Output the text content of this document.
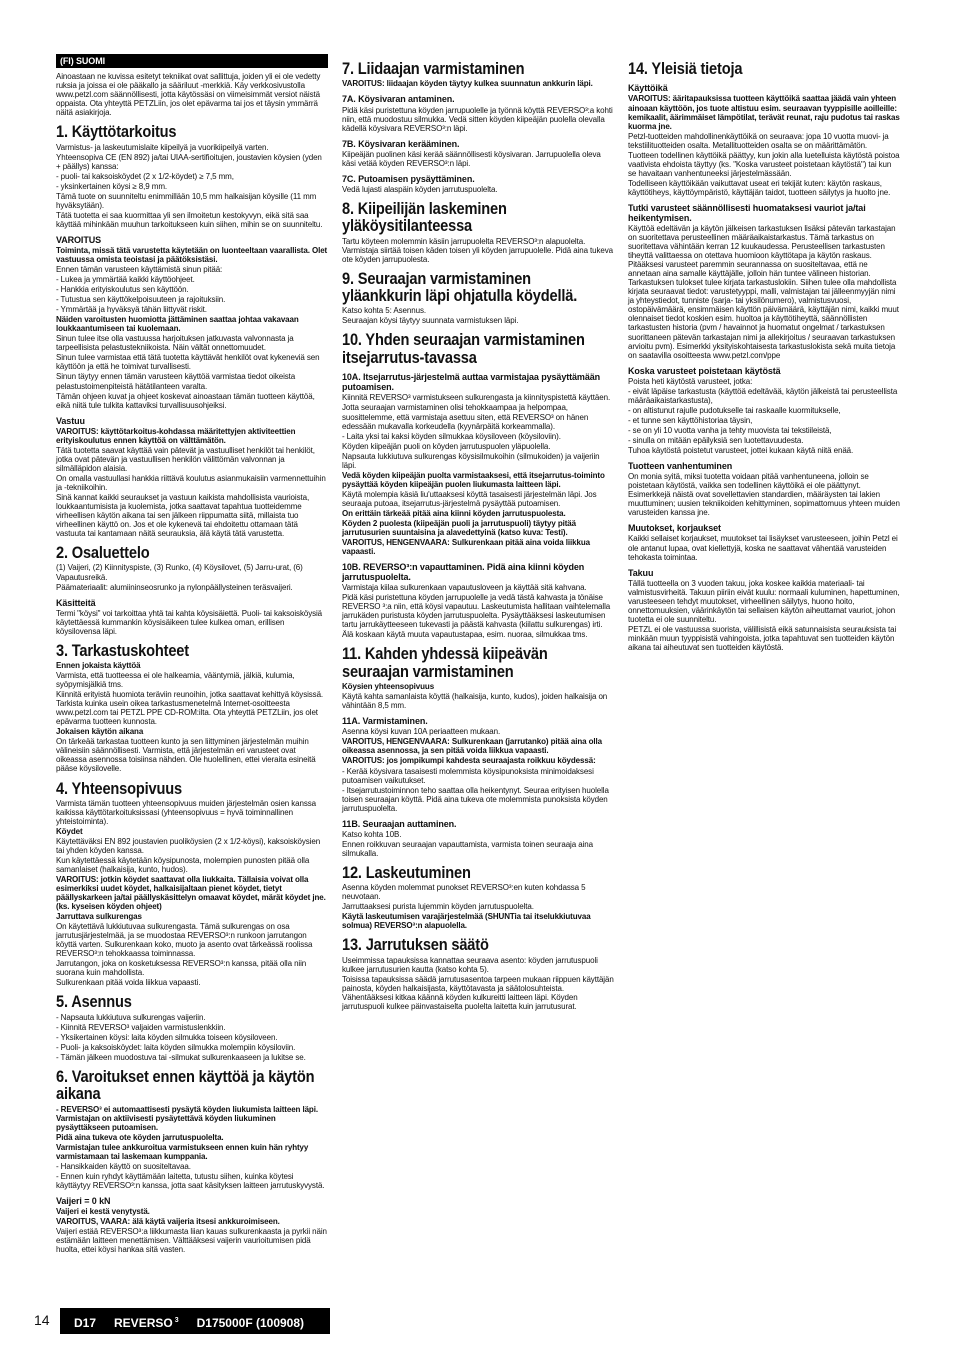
(FI) SUOMI

Ainoastaan ne kuvissa esitetyt tekniikat ovat sallittuja, joiden yli ei ole vedetty ruksia ja joissa ei ole pääkallo ja sääriluut -merkkiä. Käy verkkosivustolla www.petzl.com säännöllisesti, jotta käytössäsi on viimeisimmät versiot näistä oppaista. Ota yhteyttä PETZLiin, jos olet epävarma tai jos et täysin ymmärrä näitä asiakirjoja.

1. Käyttötarkoitus

Varmistus- ja laskeutumislaite kiipeilyä ja vuorikiipeilyä varten.

Yhteensopiva CE (EN 892) ja/tai UIAA-sertifioitujen, joustavien köysien (yden + päällys) kanssa:

- puoli- tai kaksoisköydet (2 x 1/2-köydet) ≥ 7,5 mm,

- yksinkertainen köysi ≥ 8,9 mm.

Tämä tuote on suunniteltu enimmillään 10,5 mm halkaisijan köysille (11 mm hyväksytään).

Tätä tuotetta ei saa kuormittaa yli sen ilmoitetun kestokyvyn, eikä sitä saa käyttää mihinkään muuhun tarkoitukseen kuin siihen, mihin se on suunniteltu.

VAROITUS

Toiminta, missä tätä varustetta käytetään on luonteeltaan vaarallista. Olet vastuussa omista teoistasi ja päätöksistäsi.

Ennen tämän varusteen käyttämistä sinun pitää:

- Lukea ja ymmärtää kaikki käyttöohjeet.

- Hankkia erityiskoulutus sen käyttöön.

- Tutustua sen käyttökelpoisuuteen ja rajoituksiin.

- Ymmärtää ja hyväksyä tähän liittyvät riskit.

Näiden varoitusten huomiotta jättäminen saattaa johtaa vakavaan loukkaantumiseen tai kuolemaan.

Sinun tulee itse olla vastuussa harjoituksen jatkuvasta valvonnasta ja tarpeellisista pelastustekniikoista. Näin vältät onnettomuudet.

Sinun tulee varmistaa että tätä tuotetta käyttävät henkilöt ovat kykeneviä sen käyttöön ja että he toimivat turvallisesti.

Sinun täytyy ennen tämän varusteen käyttöä varmistaa tiedot oikeista pelastustoimenpiteistä hätätilanteen varalta.

Tämän ohjeen kuvat ja ohjeet koskevat ainoastaan tämän tuotteen käyttöä, eikä niitä tule tulkita kattaviksi turvallisuusohjeiksi.

Vastuu

VAROITUS: käyttötarkoitus-kohdassa määritettyjen aktiviteettien erityiskoulutus ennen käyttöä on välttämätön.

Tätä tuotetta saavat käyttää vain pätevät ja vastuulliset henkilöt tai henkilöt, jotka ovat pätevän ja vastuullisen henkilön välittömän valvonnan ja silmälläpidon alaisia.

On omalla vastuullasi hankkia riittävä koulutus asianmukaisiin varmennettuihin ja -tekniikoihin.

Sinä kannat kaikki seuraukset ja vastuun kaikista mahdollisista vaurioista, loukkaantumisista ja kuolemista, jotka saattavat tapahtua tuotteidemme virheellisen käytön aikana tai sen jälkeen riippumatta siitä, millaista tuo virheellinen käyttö on. Jos et ole kykenevä tai ehdoitettu ottamaan tätä vastuuta tai kantamaan näitä seurauksia, älä käytä tätä varustetta.

2. Osaluettelo

(1) Vaijeri, (2) Kiinnityspiste, (3) Runko, (4) Köysilovet, (5) Jarru-urat, (6) Vapautusreikä.

Päämateriaalit: alumiininseosrunko ja nylonpäällysteinen teräsvaijeri.

Käsitteitä

Termi "köysi" voi tarkoittaa yhtä tai kahta köysisäiettä. Puoli- tai kaksoisköysiä käytettäessä kummankin köysisäikeen tulee kulkea oman, erillisen köysilovensa läpi.

3. Tarkastuskohteet

Ennen jokaista käyttöä

Varmista, että tuotteessa ei ole halkeamia, vääntymiä, jälkiä, kulumia, syöpymisjälkiä tms.

Kiinnitä erityistä huomiota teräviin reunoihin, jotka saattavat kehittyä köysissä. Tarkista kuinka usein oikea tarkastusmenetelmä Internet-osoitteesta www.petzl.com tai PETZL PPE CD-ROM:ilta. Ota yhteyttä PETZLiin, jos olet epävarma tuotteen kunnosta.

Jokaisen käytön aikana

On tärkeää tarkastaa tuotteen kunto ja sen liittyminen järjestelmän muihin välineisiin säännöllisesti. Varmista, että järjestelmän eri varusteet ovat oikeassa asennossa toisiinsa nähden. Ole huolellinen, ettei vieraita esineitä pääse köysilovelle.

4. Yhteensopivuus

Varmista tämän tuotteen yhteensopivuus muiden järjestelmän osien kanssa kaikissa käyttötarkoituksissasi (yhteensopivuus = hyvä toiminnallinen yhteistoiminta).

Köydet

Käytettäväksi EN 892 joustavien puoliköysien (2 x 1/2-köysi), kaksoisköysien tai yhden köyden kanssa.

Kun käytettäessä käytetään köysipunosta, molempien punosten pitää olla samanlaiset (halkaisija, kunto, hudos).

VAROITUS: jotkin köydet saattavat olla liukkaita. Tällaisia voivat olla esimerkiksi uudet köydet, halkaisijaltaan pienet köydet, tietyt päällyskarkeen ja/tai päällyskäsittelyn omaavat köydet, märät köydet jne. (ks. kyseisen köyden ohjeet)

Jarruttava sulkurengas

On käytettävä lukkiutuvaa sulkurengasta. Tämä sulkurengas on osa jarrutusjärjestelmää, ja se muodostaa REVERSO³:n runkoon jarrutangon köyttä varten. Sulkurenkaan koko, muoto ja asento ovat tärkeässä roolissa REVERSO³:n tehokkaassa toiminnassa.

Jarrutangon, joka on kosketuksessa REVERSO³:n kanssa, pitää olla niin suorana kuin mahdollista.

Sulkurenkaan pitää voida liikkua vapaasti.

5. Asennus

- Napsauta lukkiutuva sulkurengas vaijeriin.

- Kiinnitä REVERSO³ valjaiden varmistuslenkkiin.

- Yksikertainen köysi: laita köyden silmukka toiseen köysiloveen.

- Puoli- ja kaksoisköydet: laita köyden silmukka molempiin köysiloviin.

- Tämän jälkeen muodostuva tai -silmukat sulkurenkaaseen ja lukitse se.

6. Varoitukset ennen käyttöä ja käytön aikana

- REVERSO³ ei automaattisesti pysäytä köyden liukumista laitteen läpi. Varmistajan on aktiivisesti pysäytettävä köyden liukuminen pysäyttäkseen putoamisen.

Pidä aina tukeva ote köyden jarrutuspuolelta.

Varmistajan tulee ankkuroitua varmistukseen ennen kuin hän ryhtyy varmistamaan tai laskemaan kumppania.

- Hansikkaiden käyttö on suositeltavaa.

- Ennen kuin ryhdyt käyttämään laitetta, tutustu siihen, kuinka köytesi käyttäytyy REVERSO³:n kanssa, jotta saat käsityksen laitteen jarrutuskyvystä.

Vaijeri = 0 kN

Vaijeri ei kestä venytystä.

VAROITUS, VAARA: älä käytä vaijeria itsesi ankkuroimiseen.

Vaijeri estää REVERSO³:a liikkumasta liian kauas sulkurenkaasta ja pyrkii näin estämään laitteen menettämisen. Välttääksesi vaijerin vaurioitumisen pidä huolta, ettei köysi hankaa sitä vasten.

7. Liidaajan varmistaminen

VAROITUS: liidaajan köyden täytyy kulkea suunnatun ankkurin läpi.

7A. Köysivaran antaminen.

Pidä käsi puristettuna köyden jarrupuolelle ja työnnä köyttä REVERSO³:a kohti niin, että muodostuu silmukka. Vedä sitten köyden kiipeäjän puolella olevalla kädellä köysivara REVERSO³:n läpi.

7B. Köysivaran kerääminen.

Kiipeäjän puolinen käsi kerää säännöllisesti köysivaran. Jarrupuolella oleva käsi vetää köyden REVERSO³:n läpi.

7C. Putoamisen pysäyttäminen.

Vedä lujasti alaspäin köyden jarrutuspuolelta.

8. Kiipeilijän laskeminen yläköysitilanteessa

Tartu köyteen molemmin käsiin jarrupuolelta REVERSO³:n alapuolelta. Varmistaja siirtää toisen käden toisen yli köyden jarrupuolelle. Pidä aina tukeva ote köyden jarrupuolesta.

9. Seuraajan varmistaminen yläankkurin läpi ohjatulla köydellä.

Katso kohta 5: Asennus.

Seuraajan köysi täytyy suunnata varmistuksen läpi.

10. Yhden seuraajan varmistaminen itsejarrutus-tavassa
10A. Itsejarrutus-järjestelmä auttaa varmistajaa pysäyttämään putoamisen.

Kiinnitä REVERSO³ varmistukseen sulkurengasta ja kiinnityspistettä käyttäen.

Jotta seuraajan varmistaminen olisi tehokkaampaa ja helpompaa, suosittelemme, että varmistaja asettuu siten, että REVERSO³ on hänen edessään mukavalla korkeudella (kyynärpäitä korkeammalla).

- Laita yksi tai kaksi köyden silmukkaa köysiloveen (köysiloviin).

Köyden kiipeäjän puoli on köyden jarrutuspuolen yläpuolella.

Napsauta lukkiutuva sulkurengas köysisilmukoihin (silmukoiden) ja vaijeriin läpi.

Vedä köyden kiipeäjän puolta varmistaaksesi, että itsejarrutus-toiminto pysäyttää köyden kiipeäjän puolen liukumasta laitteen läpi.

Käytä molempia käsiä liu'uttaaksesi köyttä tasaisesti järjestelmän läpi. Jos seuraaja putoaa, itsejarrutus-järjestelmä pysäyttää putoamisen.

On erittäin tärkeää pitää aina kiinni köyden jarrutuspuolesta.

Köyden 2 puolesta (kiipeäjän puoli ja jarrutuspuoli) täytyy pitää jarrutusurien suuntaisina ja alavedettyinä (katso kuva: Testi).

VAROITUS, HENGENVAARA: Sulkurenkaan pitää aina voida liikkua vapaasti.

10B. REVERSO³:n vapauttaminen. Pidä aina kiinni köyden jarrutuspuolelta.

Varmistaja kiilaa sulkurenkaan vapautusloveen ja käyttää sitä kahvana.

Pidä käsi puristettuna köyden jarrupuolelle ja vedä tästä kahvasta ja tönäise REVERSO ³:a niin, että köysi vapautuu. Laskeutumista hallitaan vaihtelemalla jarrukäden puristusta köyden jarrutuspuolelta. Pysäyttääksesi laskeutumisen tartu jarrukäytteeseen tukevasti ja päästä kahvasta (kiilattu sulkurengas) irti.

Älä koskaan käytä muuta vapautustapaa, esim. nuoraa, silmukkaa tms.

11. Kahden yhdessä kiipeävän seuraajan varmistaminen

Köysien yhteensopivuus

Käytä kahta samanlaista köyttä (halkaisija, kunto, kudos), joiden halkaisija on vähintään 8,5 mm.

11A. Varmistaminen.

Asenna köysi kuvan 10A periaatteen mukaan.

VAROITUS, HENGENVAARA: Sulkurenkaan (jarrutanko) pitää aina olla oikeassa asennossa, ja sen pitää voida liikkua vapaasti.

VAROITUS: jos jompikumpi kahdesta seuraajasta roikkuu köydessä:

- Kerää köysivara tasaisesti molemmista köysipunoksista minimoidaksesi putoamisen vaikutukset.

- Itsejarrutustoiminnon teho saattaa olla heikentynyt. Seuraa erityisen huolella toisen seuraajan köyttä. Pidä aina tukeva ote molemmista punoksista köyden jarrutuspuolelta.

11B. Seuraajan auttaminen.

Katso kohta 10B.

Ennen roikkuvan seuraajan vapauttamista, varmista toinen seuraaja aina silmukalla.

12. Laskeutuminen

Asenna köyden molemmat punokset REVERSO³:en kuten kohdassa 5 neuvotaan.

Jarruttaaksesi purista lujemmin köyden jarrutuspuolelta.

Käytä laskeutumisen varajärjestelmää (SHUNTia tai itselukkiutuvaa solmua) REVERSO³:n alapuolella.

13. Jarrutuksen säätö

Useimmissa tapauksissa kannattaa seuraava asento: köyden jarrutuspuoli kulkee jarrutusurien kautta (katso kohta 5).

Toisissa tapauksissa säädä jarrutusasentoa tarpeen mukaan riippuen käyttäjän painosta, köyden halkaisijasta, käyttötavasta ja säätolosuhteista. Vähentääksesi kitkaa käännä köyden kulkureitti laitteen läpi. Köyden jarrutuspuoli kulkee päinvastaiselta puolelta laitetta kuin jarrutusurat.

14. Yleisiä tietoja
Käyttöikä

VAROITUS: ääritapauksissa tuotteen käyttöikä saattaa jäädä vain yhteen ainoaan käyttöön, jos tuote altistuu esim. seuraavan tyyppisille aoilleille: kemikaalit, äärimmäiset lämpötilat, terävät reunat, raju pudotus tai raskas kuorma jne.

Petzl-tuotteiden mahdollinenkäyttöikä on seuraava: jopa 10 vuotta muovi- ja tekstiilituotteiden osalta. Metallituotteiden osalta se on määrittämätön.

Tuotteen todellinen käyttöikä päättyy, kun jokin alla luetelluista käytöstä poistoa vaativista ehdoista täyttyy (ks. "Koska varusteet poistetaan käytöstä") tai kun se havaitaan vanhentuneeksi järjestelmässään.

Todelliseen käyttöikään vaikuttavat useat eri tekijät kuten: käytön raskaus, käyttötiheys, käyttöympäristö, käyttäjän taidot, tuotteen säilytys ja huolto jne.

Tutki varusteet säännöllisesti huomataksesi vauriot ja/tai heikentymisen.

Käyttöä edeltävän ja käytön jälkeisen tarkastuksen lisäksi pätevän tarkastajan on suoritettava perusteellinen määräaikaistarkastus. Tämä tarkastus on suoritettava vähintään kerran 12 kuukaudessa. Perusteellisen tarkastusten tiheyttä valittaessa on otettava huomioon käyttötapa ja käytön raskaus. Pitääksesi varusteet paremmin seurannassa on suositeltavaa, että ne annetaan aina samalle käyttäjälle, jolloin hän tuntee välineen historian. Tarkastuksen tulokset tulee kirjata tarkastuslokiin. Siihen tulee olla mahdollista kirjata seuraavat tiedot: varustetyyppi, malli, valmistajan tai jälleenmyyjän nimi ja yhteystiedot, tunniste (sarja- tai yksilönumero), valmistusvuosi, ostopäivämäärä, ensimmäisen käyttön päivämäärä, käyttäjän nimi, kaikki muut olennaiset tiedot koskien esim. huoltoa ja käyttötiheyttä, säännöllisten tarkastusten historia (pvm / havainnot ja huomatut ongelmat / tarkastuksen suorittaneen pätevän tarkastajan nimi ja allekirjoitus / seuraavan tarkastuksen arvioitu pvm). Esimerkki yksityiskohtaisesta tarkastuslokista sekä muita tietoja on saatavilla osoitteesta www.petzl.com/ppe

Koska varusteet poistetaan käytöstä

Poista heti käytöstä varusteet, jotka:

- eivät läpäise tarkastusta (käyttöä edeltävää, käytön jälkeistä tai perusteellista määräaikaistarkastusta),

- on altistunut rajulle pudotukselle tai raskaalle kuormitukselle,

- et tunne sen käyttöhistoriaa täysin,

- se on yli 10 vuotta vanha ja tehty muovista tai tekstiileistä,

- sinulla on mitään epäilyksiä sen luotettavuudesta.

Tuhoa käytöstä poistetut varusteet, jottei kukaan käytä niitä enää.

Tuotteen vanhentuminen

On monia syitä, miksi tuotetta voidaan pitää vanhentuneena, jolloin se poistetaan käytöstä, vaikka sen todellinen käyttöikä ei ole päättynyt. Esimerkkejä näistä ovat sovellettavien standardien, määräysten tai lakien muuttuminen; uusien tekniikoiden kehittyminen, sopimattomuus yhteen muiden varusteiden kanssa jne.

Muutokset, korjaukset

Kaikki sellaiset korjaukset, muutokset tai lisäykset varusteeseen, joihin Petzl ei ole antanut lupaa, ovat kiellettyjä, koska ne saattavat vähentää varusteiden tehokasta toimintaa.

Takuu

Tällä tuotteella on 3 vuoden takuu, joka koskee kaikkia materiaali- tai valmistusvirheitä. Takuun piiriin eivät kuulu: normaali kuluminen, hapettuminen, varusteeseen tehdyt muutokset, virheellinen säilytys, huono hoito, onnettomuuksien, väärinkäytön tai sellaisen käytön aiheuttamat vauriot, johon tuotetta ei ole suunniteltu.

PETZL ei ole vastuussa suorista, välillisistä eikä satunnaisista seurauksista tai minkään muun tyyppisistä vahingoista, jotka tapahtuvat sen tuotteiden käytön aikana tai aiheutuvat sen tuotteiden käytöstä.

14	D17 REVERSO $^3$ D175000F (100908)
